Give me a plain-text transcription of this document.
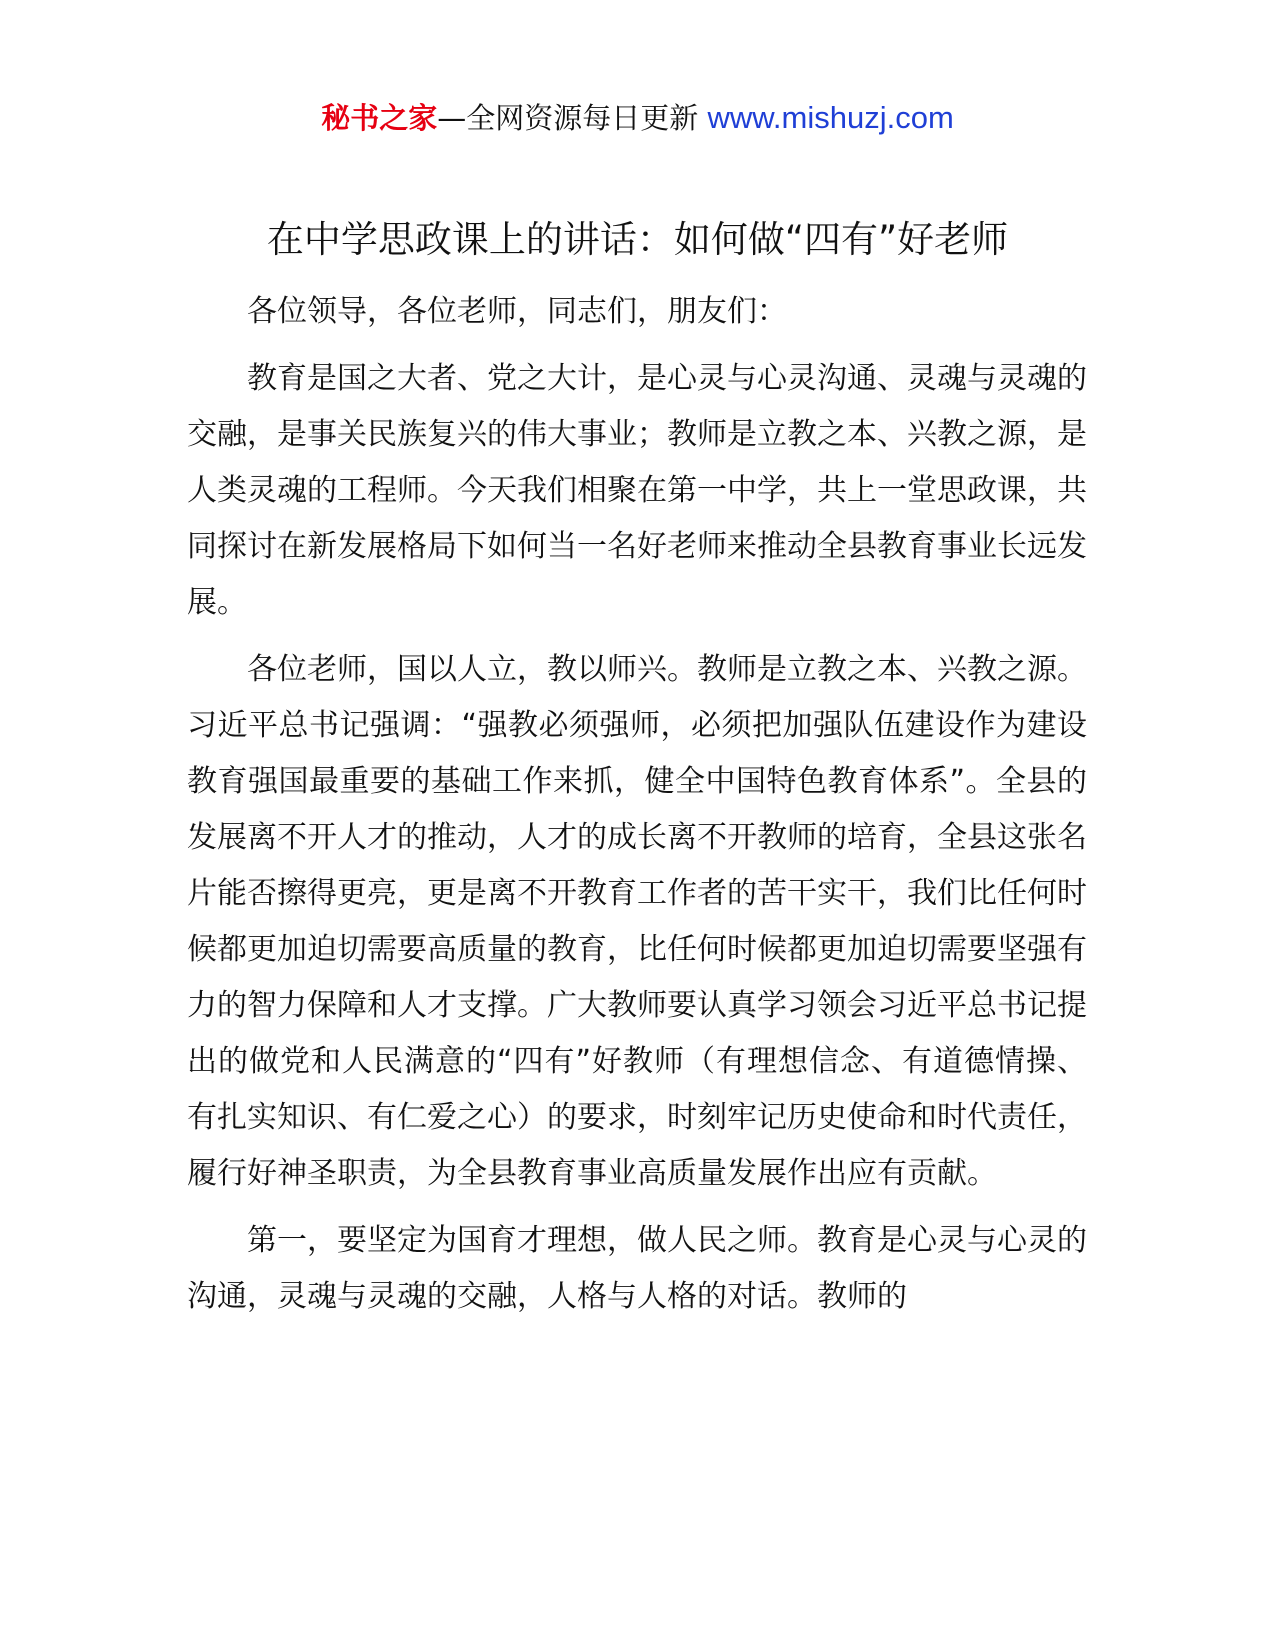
秘书之家—全网资源每日更新 www.mishuzj.com
在中学思政课上的讲话：如何做“四有”好老师

各位领导，各位老师，同志们，朋友们：

教育是国之大者、党之大计，是心灵与心灵沟通、灵魂与灵魂的交融，是事关民族复兴的伟大事业；教师是立教之本、兴教之源，是人类灵魂的工程师。今天我们相聚在第一中学，共上一堂思政课，共同探讨在新发展格局下如何当一名好老师来推动全县教育事业长远发展。

各位老师，国以人立，教以师兴。教师是立教之本、兴教之源。习近平总书记强调：“强教必须强师，必须把加强队伍建设作为建设教育强国最重要的基础工作来抓，健全中国特色教育体系”。全县的发展离不开人才的推动，人才的成长离不开教师的培育，全县这张名片能否擦得更亮，更是离不开教育工作者的苦干实干，我们比任何时候都更加迫切需要高质量的教育，比任何时候都更加迫切需要坚强有力的智力保障和人才支撑。广大教师要认真学习领会习近平总书记提出的做党和人民满意的“四有”好教师（有理想信念、有道德情操、有扎实知识、有仁爱之心）的要求，时刻牢记历史使命和时代责任，履行好神圣职责，为全县教育事业高质量发展作出应有贡献。

第一，要坚定为国育才理想，做人民之师。教育是心灵与心灵的沟通，灵魂与灵魂的交融，人格与人格的对话。教师的
